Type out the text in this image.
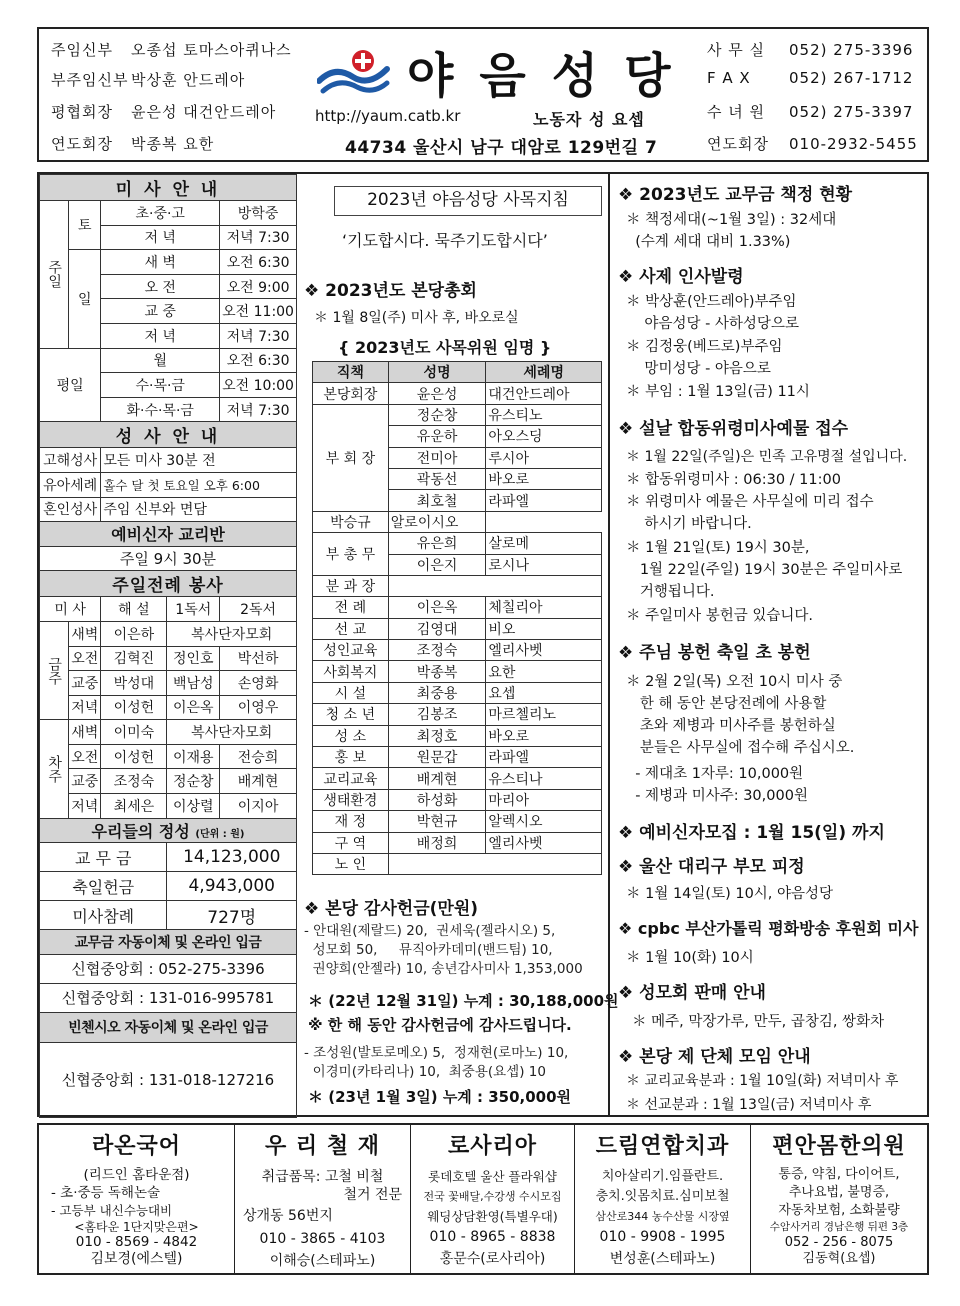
주임신부 오종섭 토마스아퀴나스
부주임신부 박상훈 안드레아
평협회장 윤은성 대건안드레아
연도회장 박종복 요한
야음성당
http://yaum.catb.kr	노동자 성 요셉
44734 울산시 남구 대암로 129번길 7
사 무 실 052) 275-3396
F A X	052) 267-1712
수 녀 원 052) 275-3397
연도회장 010-2932-5455
미 사 안 내				
주일	토	초·중·고		방학중
		저 녁		저녁 7:30
	일	새 벽		오전 6:30
		오 전		오전 9:00
		교 중		오전 11:00
		저 녁		저녁 7:30
평일		월		오전 6:30
		수·목·금		오전 10:00
		화·수·목·금		저녁 7:30
성 사 안 내				
고해성사		모든 미사 30분 전		
유아세례		홀수 달 첫 토요일 오후 6:00		
혼인성사		주임 신부와 면담		
예비신자 교리반				
주일 9시 30분				
주일전례 봉사				
미 사		해 설	1독서	2독서
금주	새벽	이은하	복사단자모회	
	오전	김혁진	정인호	박선하
	교중	박성대	백남성	손영화
	저녁	이성헌	이은옥	이영우
차주	새벽	이미숙	복사단자모회	
	오전	이성헌	이재용	전승희
	교중	조정숙	정순창	배계현
	저녁	최세은	이상렬	이지아
우리들의 정성 (단위 : 원)				
교 무 금			14,123,000	
축일헌금			4,943,000	
미사참례			727명	
교무금 자동이체 및 온라인 입금				
신협중앙회 : 052-275-3396				
신협중앙회 : 131-016-995781				
빈첸시오 자동이체 및 온라인 입금				
신협중앙회 : 131-018-127216				
2023년 야음성당 사목지침
‘기도합시다. 묵주기도합시다’
❖ 2023년도 본당총회
＊ 1월 8일(주) 미사 후, 바오로실
{ 2023년도 사목위원 임명 }
직책	성명	세례명
본당회장	윤은성	대건안드레아
부 회 장	정순창	유스티노
	유운하	아오스딩
	전미아	루시아
	곽동선	바오로
	최호철	라파엘
박승규	알로이시오	
부 총 무	유은희	살로메
	이은지	로시나
분 과 장		
전 례	이은옥	체칠리아
선 교	김영대	비오
성인교육	조정숙	엘리사벳
사회복지	박종복	요한
시 설	최중용	요셉
청 소 년	김봉조	마르첼리노
성 소	최정호	바오로
홍 보	원문갑	라파엘
교리교육	배계현	유스티나
생태환경	하성화	마리아
재 정	박현규	알렉시오
구 역	배정희	엘리사벳
노 인		
❖ 본당 감사헌금(만원)
- 안대원(제랄드) 20,  권세욱(젤라시오) 5,
성모회 50,     뮤직아카데미(밴드팀) 10,
권양희(안젤라) 10, 송년감사미사 1,353,000
＊ (22년 12월 31일) 누계 : 30,188,000원
※ 한 해 동안 감사헌금에 감사드립니다.
- 조성원(발토로메오) 5,  정재현(로마노) 10,
이경미(카타리나) 10,  최중용(요셉) 10
＊ (23년 1월 3일) 누계 : 350,000원
❖ 2023년도 교무금 책정 현황
＊ 책정세대(~1월 3일) : 32세대
(수계 세대 대비 1.33%)
❖ 사제 인사발령
＊ 박상훈(안드레아)부주임
야음성당 - 사하성당으로
＊ 김정웅(베드로)부주임
망미성당 - 야음으로
＊ 부임 : 1월 13일(금) 11시
❖ 설날 합동위령미사예물 접수
＊ 1월 22일(주일)은 민족 고유명절 설입니다.
＊ 합동위령미사 : 06:30 / 11:00
＊ 위령미사 예물은 사무실에 미리 접수
하시기 바랍니다.
＊ 1월 21일(토) 19시 30분,
1월 22일(주일) 19시 30분은 주일미사로
거행됩니다.
＊ 주일미사 봉헌금 있습니다.
❖ 주님 봉헌 축일 초 봉헌
＊ 2월 2일(목) 오전 10시 미사 중
한 해 동안 본당전례에 사용할
초와 제병과 미사주를 봉헌하실
분들은 사무실에 접수해 주십시오.
- 제대초 1자루: 10,000원
- 제병과 미사주: 30,000원
❖ 예비신자모집 : 1월 15(일) 까지
❖ 울산 대리구 부모 피정
＊ 1월 14일(토) 10시, 야음성당
❖ cpbc 부산가톨릭 평화방송 후원회 미사
＊ 1월 10(화) 10시
❖ 성모회 판매 안내
＊ 메주, 막장가루, 만두, 곱창김, 쌍화차
❖ 본당 제 단체 모임 안내
＊ 교리교육분과 : 1월 10일(화) 저녁미사 후
＊ 선교분과 : 1월 13일(금) 저녁미사 후
라온국어
(리드인 홈타운점)
- 초·중등 독해논술
- 고등부 내신수능대비
<홈타운 1단지맞은편>
010 - 8569 - 4842
김보경(에스텔)
우 리 철 재
취급품목: 고철 비철
철거 전문
상개동 56번지
010 - 3865 - 4103
이해승(스테파노)
로사리아
롯데호텔 울산 플라워샵
전국 꽃배달,수강생 수시모집
웨딩상담환영(특별우대)
010 - 8965 - 8838
홍문수(로사리아)
드림연합치과
치아살리기.임플란트.
충치.잇몸치료.심미보철
삼산로344 농수산물 시장옆
010 - 9908 - 1995
변성훈(스테파노)
편안몸한의원
통증, 약침, 다이어트,
추나요법, 불명증,
자동차보험, 소화불량
수암사거리 경남은행 뒤편 3층
052 - 256 - 8075
김동혁(요셉)
